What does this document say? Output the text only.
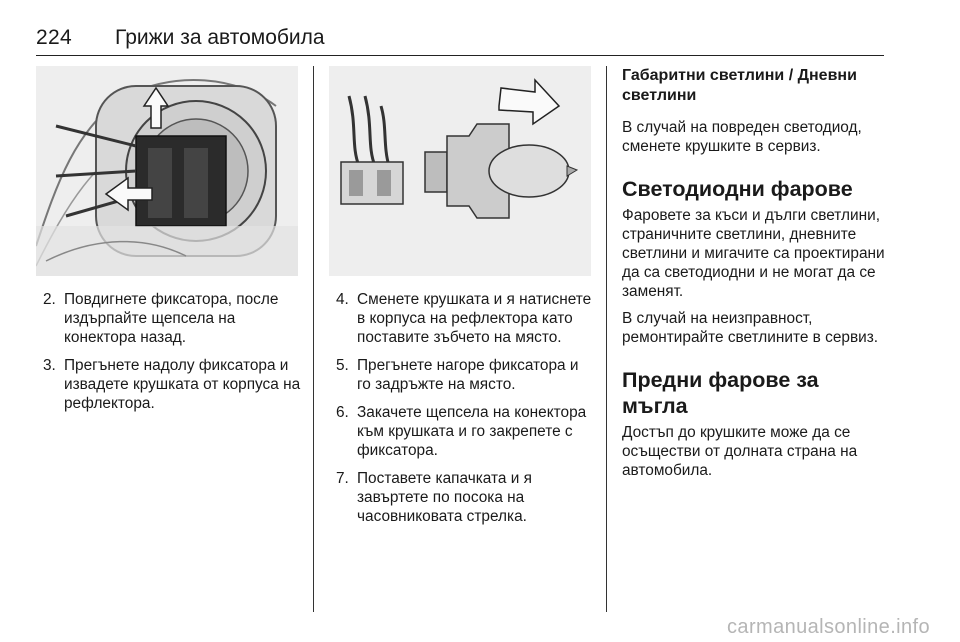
224 Грижи за автомобила
2. Повдигнете фиксатора, после издърпайте щепсела на конектора назад.
3. Прегънете надолу фиксатора и извадете крушката от корпуса на рефлектора.
4. Сменете крушката и я натиснете в корпуса на рефлектора като поставите зъбчето на място.
5. Прегънете нагоре фиксатора и го задръжте на място.
6. Закачете щепсела на конектора към крушката и го закрепете с фиксатора.
7. Поставете капачката и я завъртете по посока на часовниковата стрелка.
Габаритни светлини / Дневни светлини
В случай на повреден светодиод, сменете крушките в сервиз.
Светодиодни фарове
Фаровете за къси и дълги светлини, страничните светлини, дневните светлини и мигачите са проектирани да са светодиодни и не могат да се заменят.
В случай на неизправност, ремонтирайте светлините в сервиз.
Предни фарове за мъгла
Достъп до крушките може да се осъществи от долната страна на автомобила.
carmanualsonline.info
